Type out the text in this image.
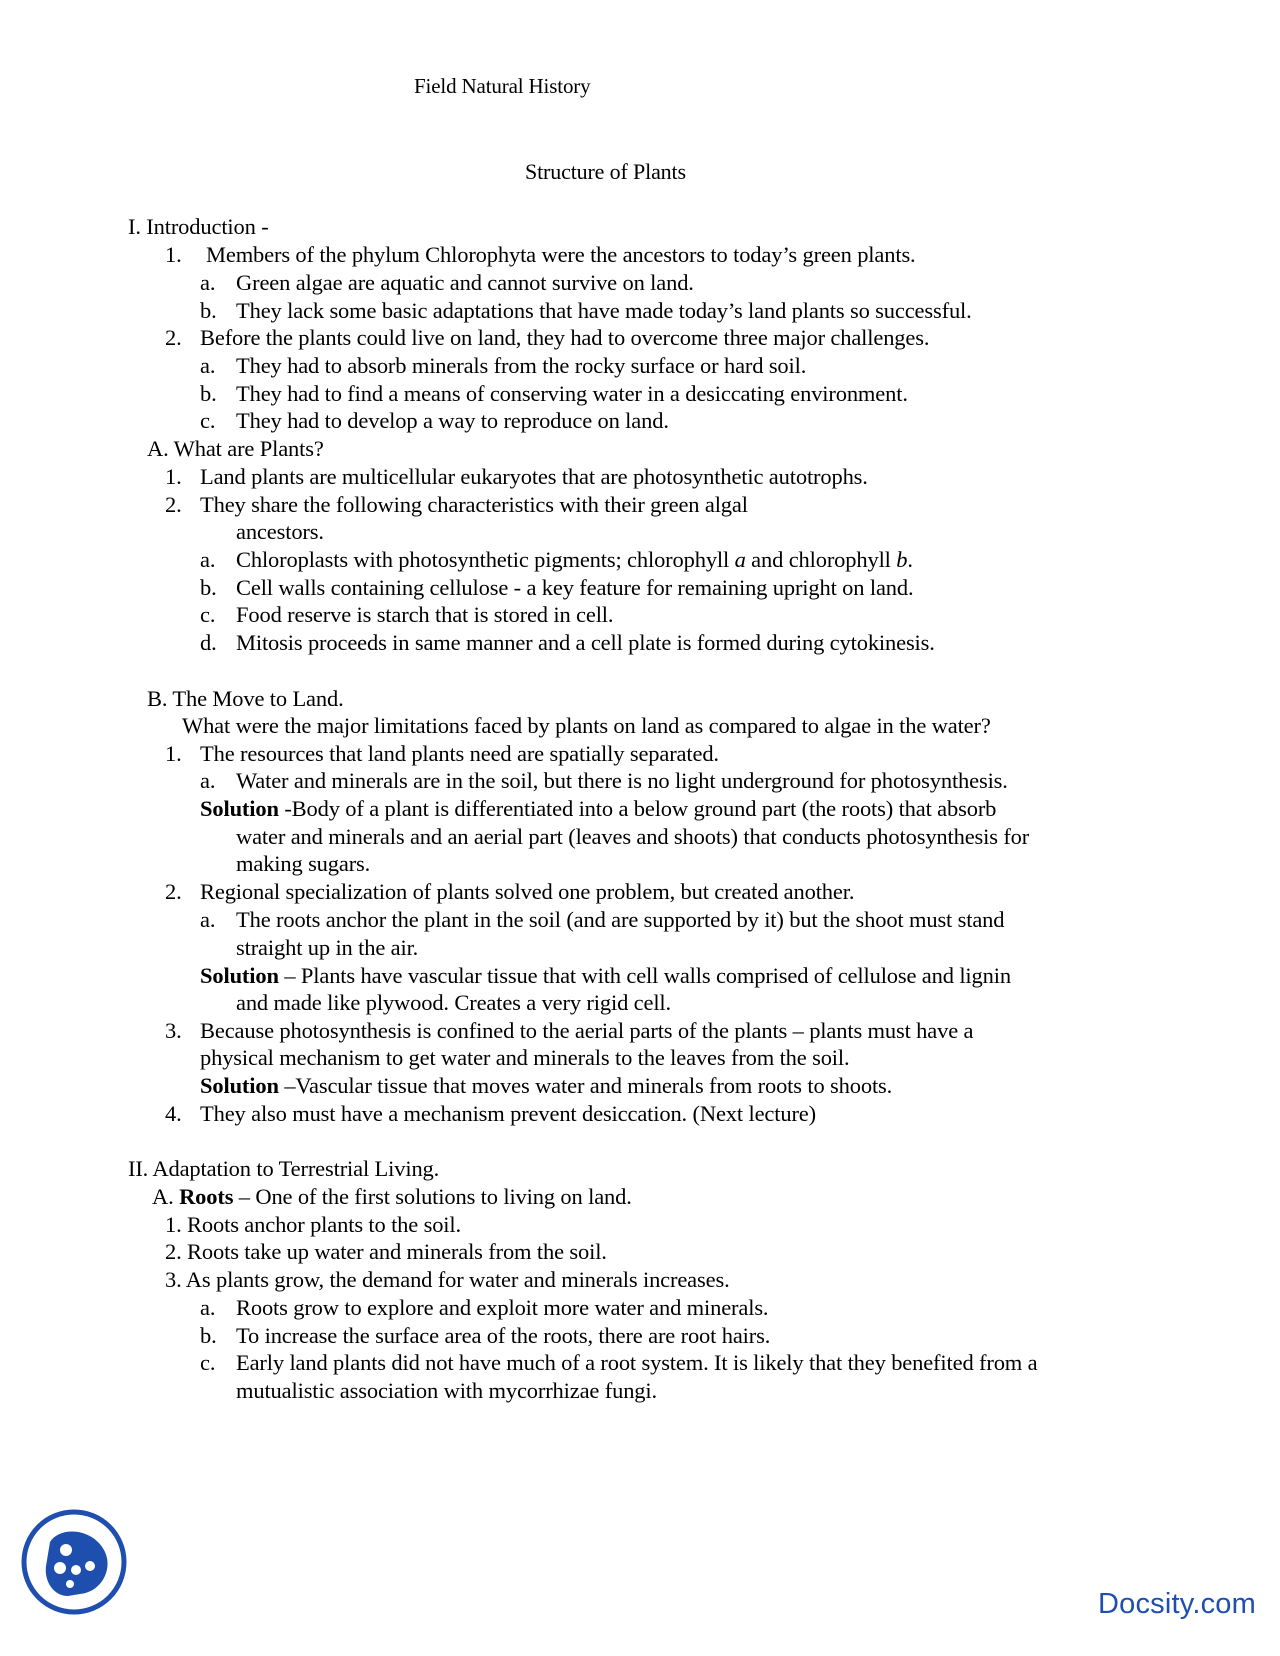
Field Natural History
Structure of Plants
I. Introduction -
1. Members of the phylum Chlorophyta were the ancestors to today’s green plants.
a. Green algae are aquatic and cannot survive on land.
b. They lack some basic adaptations that have made today’s land plants so successful.
2. Before the plants could live on land, they had to overcome three major challenges.
a. They had to absorb minerals from the rocky surface or hard soil.
b. They had to find a means of conserving water in a desiccating environment.
c. They had to develop a way to reproduce on land.
A. What are Plants?
1. Land plants are multicellular eukaryotes that are photosynthetic autotrophs.
2. They share the following characteristics with their green algal
ancestors.
a. Chloroplasts with photosynthetic pigments; chlorophyll a and chlorophyll b.
b. Cell walls containing cellulose - a key feature for remaining upright on land.
c. Food reserve is starch that is stored in cell.
d. Mitosis proceeds in same manner and a cell plate is formed during cytokinesis.
B. The Move to Land.
What were the major limitations faced by plants on land as compared to algae in the water?
1. The resources that land plants need are spatially separated.
a. Water and minerals are in the soil, but there is no light underground for photosynthesis.
Solution -Body of a plant is differentiated into a below ground part (the roots) that absorb
water and minerals and an aerial part (leaves and shoots) that conducts photosynthesis for
making sugars.
2. Regional specialization of plants solved one problem, but created another.
a. The roots anchor the plant in the soil (and are supported by it) but the shoot must stand
straight up in the air.
Solution – Plants have vascular tissue that with cell walls comprised of cellulose and lignin
and made like plywood. Creates a very rigid cell.
3. Because photosynthesis is confined to the aerial parts of the plants – plants must have a
physical mechanism to get water and minerals to the leaves from the soil.
Solution –Vascular tissue that moves water and minerals from roots to shoots.
4. They also must have a mechanism prevent desiccation. (Next lecture)
II. Adaptation to Terrestrial Living.
A. Roots – One of the first solutions to living on land.
1. Roots anchor plants to the soil.
2. Roots take up water and minerals from the soil.
3. As plants grow, the demand for water and minerals increases.
a. Roots grow to explore and exploit more water and minerals.
b. To increase the surface area of the roots, there are root hairs.
c. Early land plants did not have much of a root system. It is likely that they benefited from a
mutualistic association with mycorrhizae fungi.
Docsity.com
